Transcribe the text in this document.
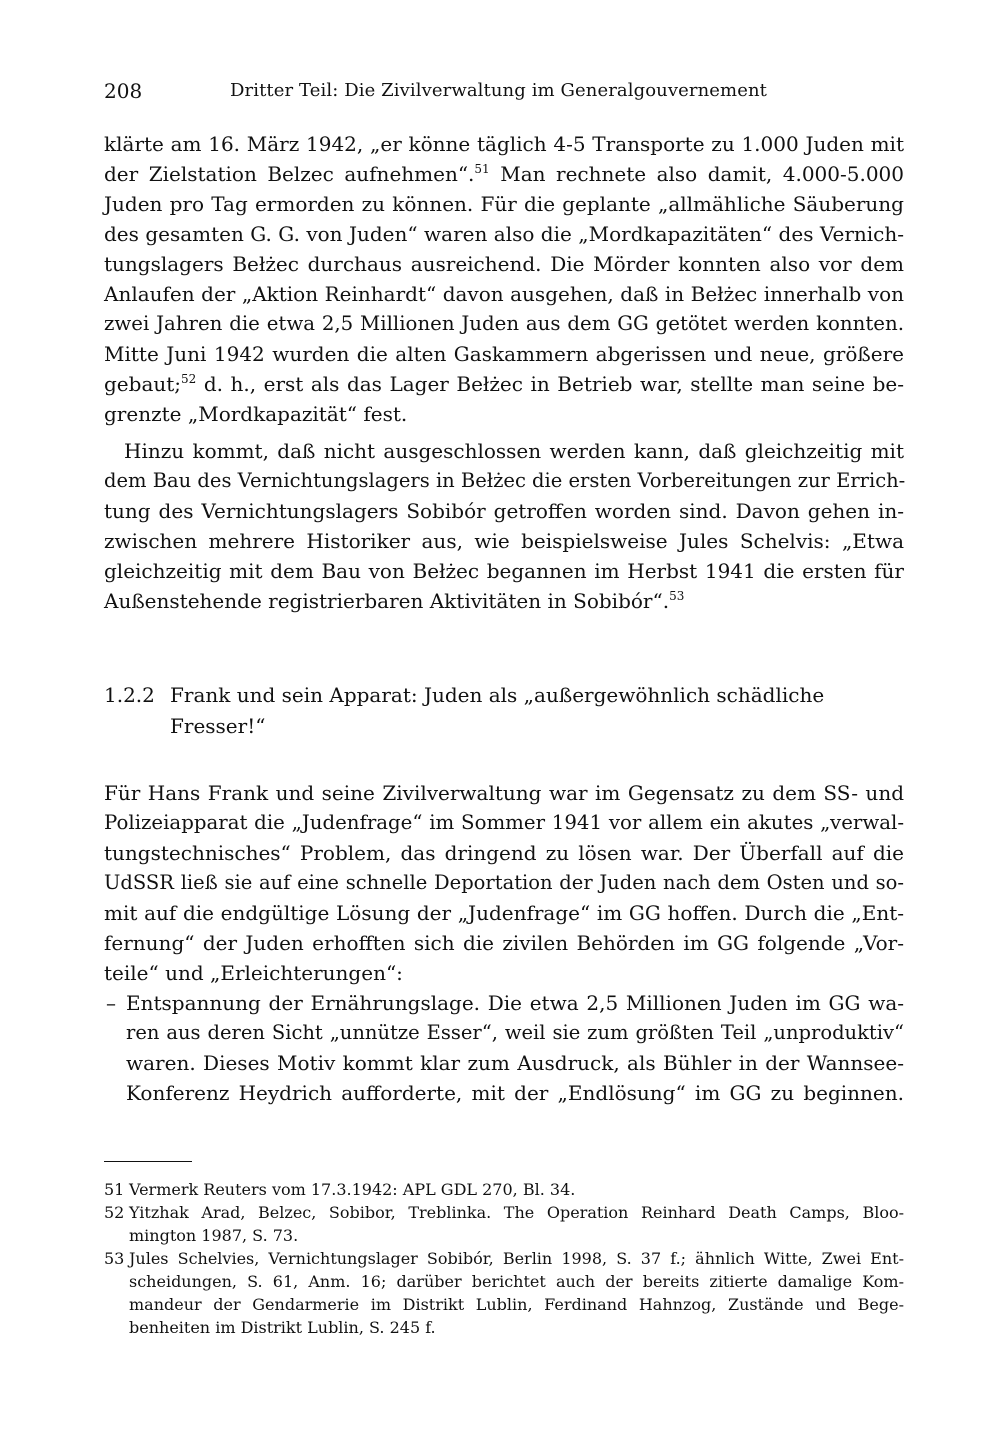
208	Dritter Teil: Die Zivilverwaltung im Generalgouvernement
klärte am 16. März 1942, „er könne täglich 4-5 Transporte zu 1.000 Juden mit
der Zielstation Belzec aufnehmen“.$^{51}$ Man rechnete also damit, 4.000-5.000
Juden pro Tag ermorden zu können. Für die geplante „allmähliche Säuberung
des gesamten G. G. von Juden“ waren also die „Mordkapazitäten“ des Vernich-
tungslagers Bełżec durchaus ausreichend. Die Mörder konnten also vor dem
Anlaufen der „Aktion Reinhardt“ davon ausgehen, daß in Bełżec innerhalb von
zwei Jahren die etwa 2,5 Millionen Juden aus dem GG getötet werden konnten.
Mitte Juni 1942 wurden die alten Gaskammern abgerissen und neue, größere
gebaut;$^{52}$ d. h., erst als das Lager Bełżec in Betrieb war, stellte man seine be-
grenzte „Mordkapazität“ fest.
Hinzu kommt, daß nicht ausgeschlossen werden kann, daß gleichzeitig mit
dem Bau des Vernichtungslagers in Bełżec die ersten Vorbereitungen zur Errich-
tung des Vernichtungslagers Sobibór getroffen worden sind. Davon gehen in-
zwischen mehrere Historiker aus, wie beispielsweise Jules Schelvis: „Etwa
gleichzeitig mit dem Bau von Bełżec begannen im Herbst 1941 die ersten für
Außenstehende registrierbaren Aktivitäten in Sobibór“.$^{53}$
1.2.2 Frank und sein Apparat: Juden als „außergewöhnlich schädliche
Fresser!“
Für Hans Frank und seine Zivilverwaltung war im Gegensatz zu dem SS- und
Polizeiapparat die „Judenfrage“ im Sommer 1941 vor allem ein akutes „verwal-
tungstechnisches“ Problem, das dringend zu lösen war. Der Überfall auf die
UdSSR ließ sie auf eine schnelle Deportation der Juden nach dem Osten und so-
mit auf die endgültige Lösung der „Judenfrage“ im GG hoffen. Durch die „Ent-
fernung“ der Juden erhofften sich die zivilen Behörden im GG folgende „Vor-
teile“ und „Erleichterungen“:
– Entspannung der Ernährungslage. Die etwa 2,5 Millionen Juden im GG wa-
ren aus deren Sicht „unnütze Esser“, weil sie zum größten Teil „unproduktiv“
waren. Dieses Motiv kommt klar zum Ausdruck, als Bühler in der Wannsee-
Konferenz Heydrich aufforderte, mit der „Endlösung“ im GG zu beginnen.
51 Vermerk Reuters vom 17.3.1942: APL GDL 270, Bl. 34.
52 Yitzhak Arad, Belzec, Sobibor, Treblinka. The Operation Reinhard Death Camps, Bloo-
mington 1987, S. 73.
53 Jules Schelvies, Vernichtungslager Sobibór, Berlin 1998, S. 37 f.; ähnlich Witte, Zwei Ent-
scheidungen, S. 61, Anm. 16; darüber berichtet auch der bereits zitierte damalige Kom-
mandeur der Gendarmerie im Distrikt Lublin, Ferdinand Hahnzog, Zustände und Bege-
benheiten im Distrikt Lublin, S. 245 f.
